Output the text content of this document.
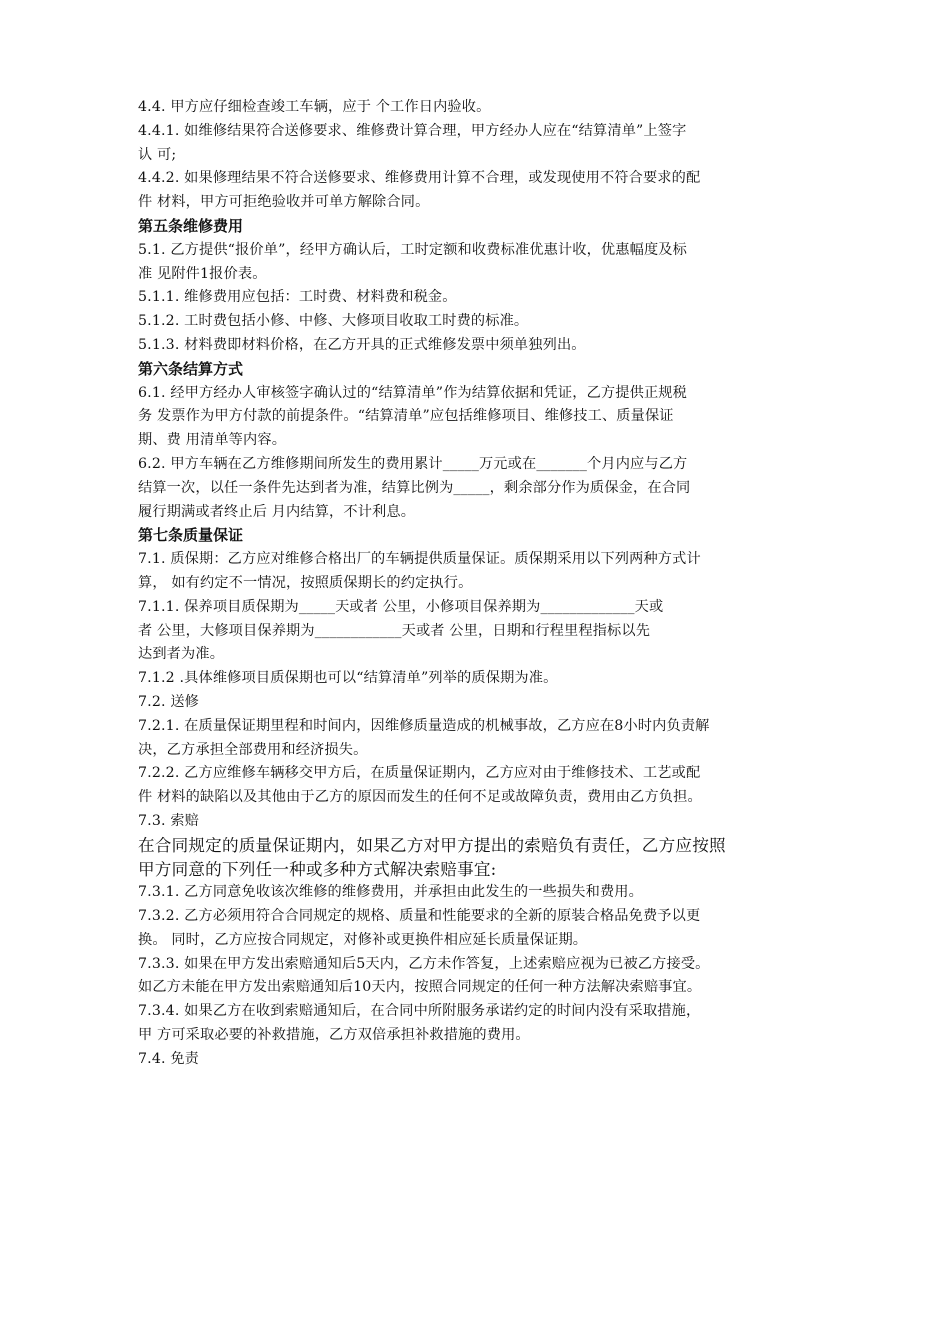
4.4. 甲方应仔细检查竣工车辆，应于 个工作日内验收。
4.4.1. 如维修结果符合送修要求、维修费计算合理，甲方经办人应在“结算清单”上签字
认 可;
4.4.2. 如果修理结果不符合送修要求、维修费用计算不合理，或发现使用不符合要求的配
件 材料，甲方可拒绝验收并可单方解除合同。
第五条维修费用
5.1. 乙方提供“报价单”，经甲方确认后，工时定额和收费标准优惠计收，优惠幅度及标
准 见附件1报价表。
5.1.1. 维修费用应包括：工时费、材料费和税金。
5.1.2. 工时费包括小修、中修、大修项目收取工时费的标准。
5.1.3. 材料费即材料价格，在乙方开具的正式维修发票中须单独列出。
第六条结算方式
6.1. 经甲方经办人审核签字确认过的“结算清单”作为结算依据和凭证，乙方提供正规税
务 发票作为甲方付款的前提条件。“结算清单”应包括维修项目、维修技工、质量保证
期、费 用清单等内容。
6.2. 甲方车辆在乙方维修期间所发生的费用累计_____万元或在_______个月内应与乙方
结算一次，以任一条件先达到者为准，结算比例为_____，剩余部分作为质保金，在合同
履行期满或者终止后 月内结算，不计利息。
第七条质量保证
7.1. 质保期：乙方应对维修合格出厂的车辆提供质量保证。质保期采用以下列两种方式计
算， 如有约定不一情况，按照质保期长的约定执行。
7.1.1. 保养项目质保期为_____天或者 公里，小修项目保养期为_____________天或
者 公里，大修项目保养期为____________天或者 公里，日期和行程里程指标以先
达到者为准。
7.1.2 .具体维修项目质保期也可以“结算清单”列举的质保期为准。
7.2. 送修
7.2.1. 在质量保证期里程和时间内，因维修质量造成的机械事故，乙方应在8小时内负责解
决，乙方承担全部费用和经济损失。
7.2.2. 乙方应维修车辆移交甲方后，在质量保证期内，乙方应对由于维修技术、工艺或配
件 材料的缺陷以及其他由于乙方的原因而发生的任何不足或故障负责，费用由乙方负担。
7.3. 索赔
在合同规定的质量保证期内，如果乙方对甲方提出的索赔负有责任，乙方应按照
甲方同意的下列任一种或多种方式解决索赔事宜:
7.3.1. 乙方同意免收该次维修的维修费用，并承担由此发生的一些损失和费用。
7.3.2. 乙方必须用符合合同规定的规格、质量和性能要求的全新的原装合格品免费予以更
换。 同时，乙方应按合同规定，对修补或更换件相应延长质量保证期。
7.3.3. 如果在甲方发出索赔通知后5天内，乙方未作答复，上述索赔应视为已被乙方接受。
如乙方未能在甲方发出索赔通知后10天内，按照合同规定的任何一种方法解决索赔事宜。
7.3.4. 如果乙方在收到索赔通知后，在合同中所附服务承诺约定的时间内没有采取措施，
甲 方可采取必要的补救措施，乙方双倍承担补救措施的费用。
7.4. 免责
